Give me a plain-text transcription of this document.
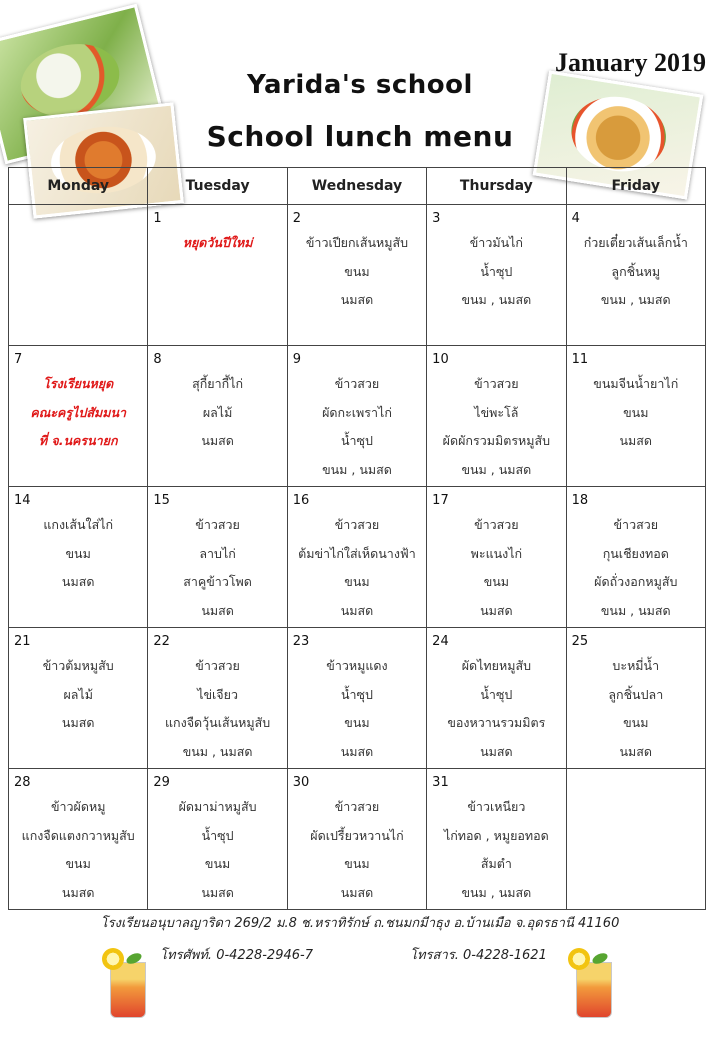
Yarida's school
School lunch menu
January 2019
Monday	Tuesday	Wednesday	Thursday	Friday

	1
หยุดวันปีใหม่	2
ข้าวเปียกเส้นหมูสับ
ขนม
นมสด	3
ข้าวมันไก่
น้ำซุป
ขนม , นมสด	4
ก๋วยเตี๋ยวเส้นเล็กน้ำ
ลูกชิ้นหมู
ขนม , นมสด

7
โรงเรียนหยุด
คณะครูไปสัมมนา
ที่ จ.นครนายก	8
สุกี้ยากี้ไก่
ผลไม้
นมสด	9
ข้าวสวย
ผัดกะเพราไก่
น้ำซุป
ขนม , นมสด	10
ข้าวสวย
ไข่พะโล้
ผัดผักรวมมิตรหมูสับ
ขนม , นมสด	11
ขนมจีนน้ำยาไก่
ขนม
นมสด

14
แกงเส้นใส่ไก่
ขนม
นมสด	15
ข้าวสวย
ลาบไก่
สาคูข้าวโพด
นมสด	16
ข้าวสวย
ต้มข่าไก่ใส่เห็ดนางฟ้า
ขนม
นมสด	17
ข้าวสวย
พะแนงไก่
ขนม
นมสด	18
ข้าวสวย
กุนเชียงทอด
ผัดถั่วงอกหมูสับ
ขนม , นมสด

21
ข้าวต้มหมูสับ
ผลไม้
นมสด	22
ข้าวสวย
ไข่เจียว
แกงจืดวุ้นเส้นหมูสับ
ขนม , นมสด	23
ข้าวหมูแดง
น้ำซุป
ขนม
นมสด	24
ผัดไทยหมูสับ
น้ำซุป
ของหวานรวมมิตร
นมสด	25
บะหมี่น้ำ
ลูกชิ้นปลา
ขนม
นมสด

28
ข้าวผัดหมู
แกงจืดแตงกวาหมูสับ
ขนม
นมสด	29
ผัดมาม่าหมูสับ
น้ำซุป
ขนม
นมสด	30
ข้าวสวย
ผัดเปรี้ยวหวานไก่
ขนม
นมสด	31
ข้าวเหนียว
ไก่ทอด , หมูยอทอด
ส้มตำ
ขนม , นมสด	

โรงเรียนอนุบาลญาริดา 269/2 ม.8 ช.หราทิรักษ์ ถ.ชนมกมีาธุง อ.บ้านเมือ จ.อุดรธานี 41160
โทรศัพท์. 0-4228-2946-7	โทรสาร. 0-4228-1621
